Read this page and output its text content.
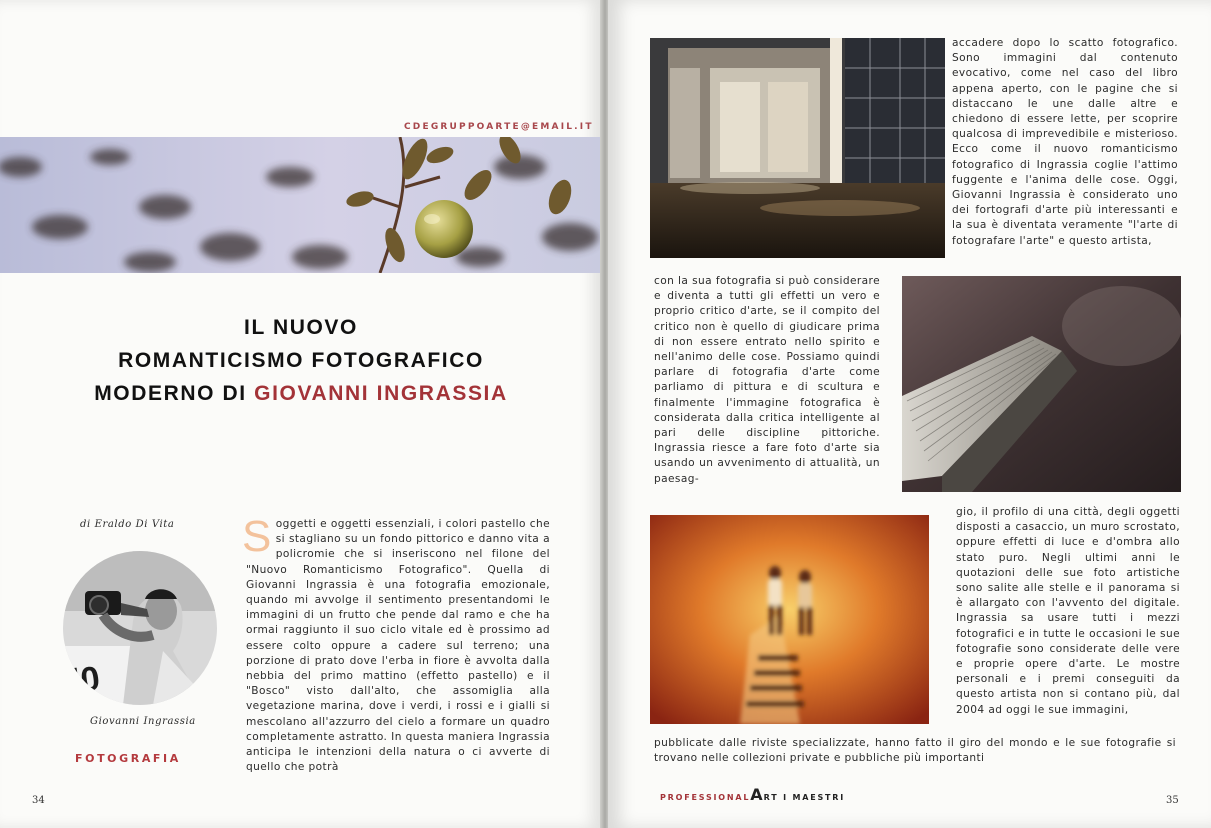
CDEGRUPPOARTE@EMAIL.IT
IL NUOVO
ROMANTICISMO FOTOGRAFICO
MODERNO DI GIOVANNI INGRASSIA
di Eraldo Di Vita
l0
Giovanni Ingrassia
FOTOGRAFIA
S oggetti e oggetti essenziali, i colori pastello che si stagliano su un fondo pittorico e danno vita a policromie che si inseriscono nel filone del "Nuovo Romanticismo Fotografico". Quella di Giovanni Ingrassia è una fotografia emozionale, quando mi avvolge il sentimento presentandomi le immagini di un frutto che pende dal ramo e che ha ormai raggiunto il suo ciclo vitale ed è prossimo ad essere colto oppure a cadere sul terreno; una porzione di prato dove l'erba in fiore è avvolta dalla nebbia del primo mattino (effetto pastello) e il "Bosco" visto dall'alto, che assomiglia alla vegetazione marina, dove i verdi, i rossi e i gialli si mescolano all'azzurro del cielo a formare un quadro completamente astratto. In questa maniera Ingrassia anticipa le intenzioni della natura o ci avverte di quello che potrà
34

accadere dopo lo scatto fotografico. Sono immagini dal contenuto evocativo, come nel caso del libro appena aperto, con le pagine che si distaccano le une dalle altre e chiedono di essere lette, per scoprire qualcosa di imprevedibile e misterioso. Ecco come il nuovo romanticismo fotografico di Ingrassia coglie l'attimo fuggente e l'anima delle cose. Oggi, Giovanni Ingrassia è considerato uno dei fortografi d'arte più interessanti e la sua è diventata veramente "l'arte di fotografare l'arte" e questo artista,

con la sua fotografia si può considerare e diventa a tutti gli effetti un vero e proprio critico d'arte, se il compito del critico non è quello di giudicare prima di non essere entrato nello spirito e nell'animo delle cose. Possiamo quindi parlare di fotografia d'arte come parliamo di pittura e di scultura e finalmente l'immagine fotografica è considerata dalla critica intelligente al pari delle discipline pittoriche. Ingrassia riesce a fare foto d'arte sia usando un avvenimento di attualità, un paesag-

gio, il profilo di una città, degli oggetti disposti a casaccio, un muro scrostato, oppure effetti di luce e d'ombra allo stato puro. Negli ultimi anni le quotazioni delle sue foto artistiche sono salite alle stelle e il panorama si è allargato con l'avvento del digitale. Ingrassia sa usare tutti i mezzi fotografici e in tutte le occasioni le sue fotografie sono considerate delle vere e proprie opere d'arte. Le mostre personali e i premi conseguiti da questo artista non si contano più, dal 2004 ad oggi le sue immagini,

pubblicate dalle riviste specializzate, hanno fatto il giro del mondo e le sue fotografie si trovano nelle collezioni private e pubbliche più importanti

PROFESSIONALART I MAESTRI	35
